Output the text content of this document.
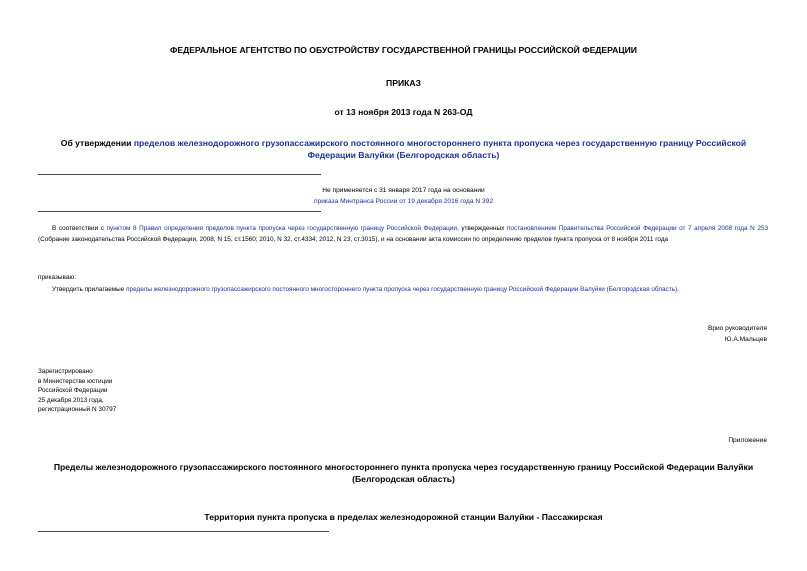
ФЕДЕРАЛЬНОЕ АГЕНТСТВО ПО ОБУСТРОЙСТВУ ГОСУДАРСТВЕННОЙ ГРАНИЦЫ РОССИЙСКОЙ ФЕДЕРАЦИИ
ПРИКАЗ
от 13 ноября 2013 года N 263-ОД
Об утверждении пределов железнодорожного грузопассажирского постоянного многостороннего пункта пропуска через государственную границу Российской Федерации Валуйки (Белгородская область)
Не применяется с 31 января 2017 года на основании
приказа Минтранса России от 19 декабря 2016 года N 392
В соответствии с пунктом 8 Правил определения пределов пункта пропуска через государственную границу Российской Федерации, утвержденных постановлением Правительства Российской Федерации от 7 апреля 2008 года N 253 (Собрание законодательства Российской Федерации, 2008, N 15, ст.1560; 2010, N 32, ст.4334; 2012, N 23, ст.3015), и на основании акта комиссии по определению пределов пункта пропуска от 8 ноября 2011 года
приказываю:
Утвердить прилагаемые пределы железнодорожного грузопассажирского постоянного многостороннего пункта пропуска через государственную границу Российской Федерации Валуйки (Белгородская область).
Врио руководителя
Ю.А.Мальцев
Зарегистрировано
в Министерстве юстиции
Российской Федерации
25 декабря 2013 года,
регистрационный N 30797
Приложение
Пределы железнодорожного грузопассажирского постоянного многостороннего пункта пропуска через государственную границу Российской Федерации Валуйки (Белгородская область)
Территория пункта пропуска в пределах железнодорожной станции Валуйки - Пассажирская
